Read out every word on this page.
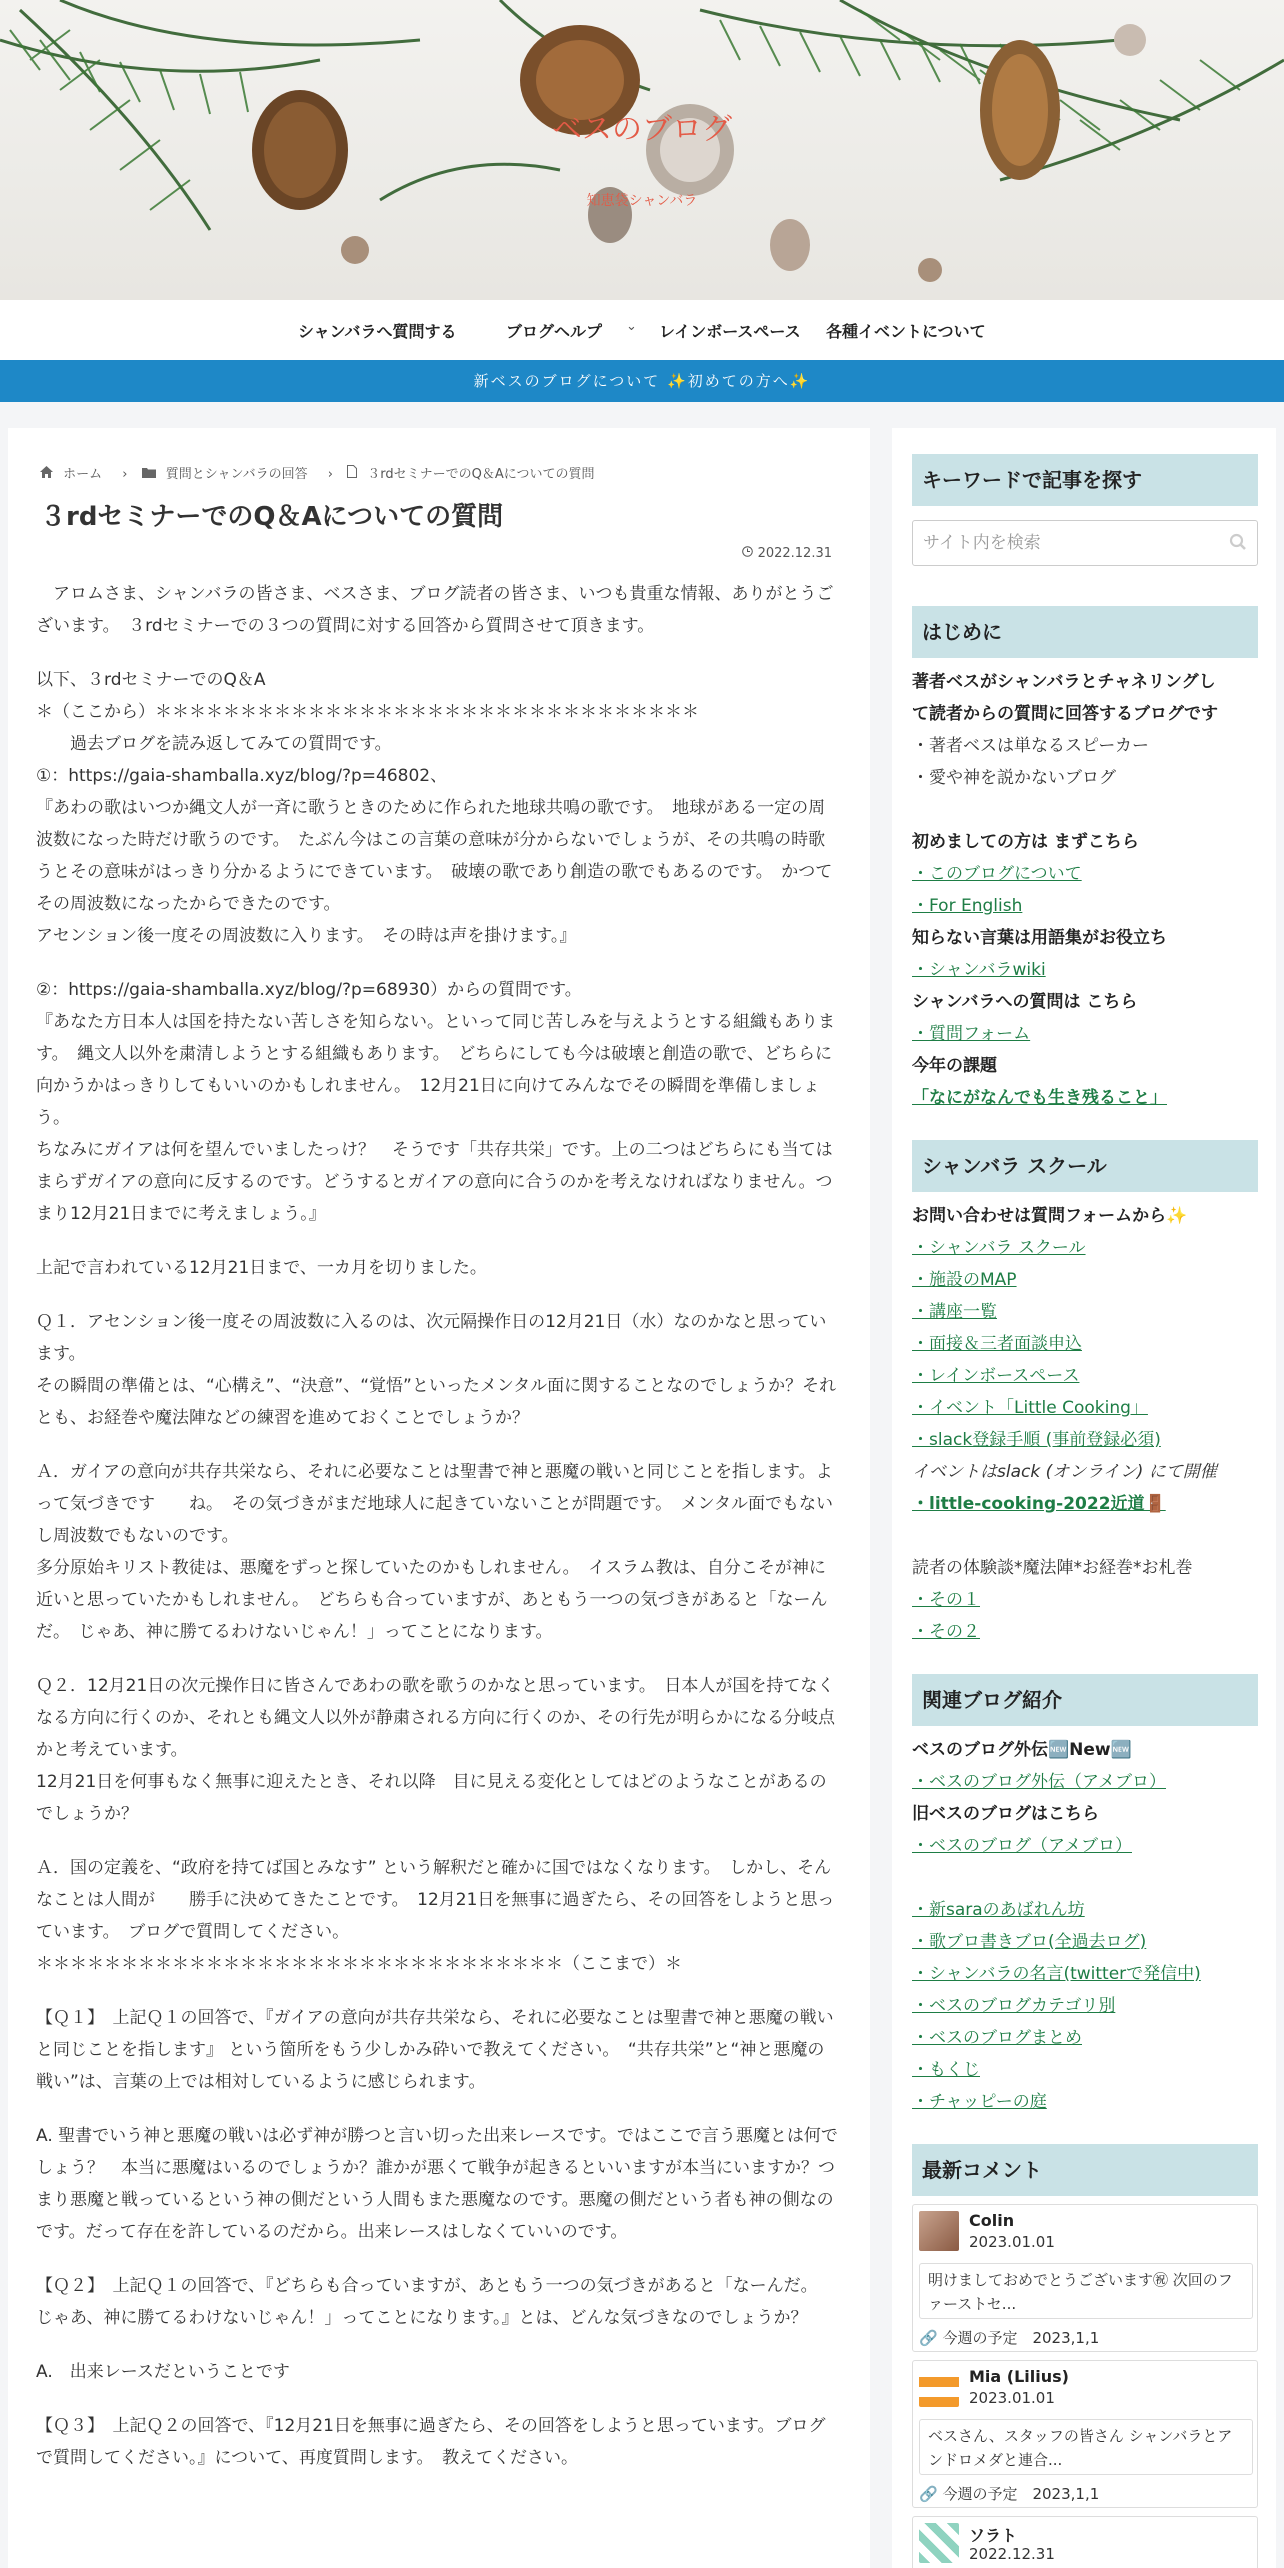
ベスのブログ
知恵袋シャンバラ
シャンバラへ質問する	ブログヘルプ ⌄ レインボースペース 各種イベントについて
新ベスのブログについて ✨初めての方へ✨
ホーム ›	質問とシャンバラの回答 ›	３rdセミナーでのQ＆Aについての質問
３rdセミナーでのQ＆Aについての質問
2022.12.31

　アロムさま、シャンバラの皆さま、ベスさま、ブログ読者の皆さま、いつも貴重な情報、ありがとうございます。　３rdセミナーでの３つの質問に対する回答から質問させて頂きます。

以下、３rdセミナーでのQ＆A
＊（ここから）＊＊＊＊＊＊＊＊＊＊＊＊＊＊＊＊＊＊＊＊＊＊＊＊＊＊＊＊＊＊＊＊
　　過去ブログを読み返してみての質問です。
①：https://gaia-shamballa.xyz/blog/?p=46802、
『あわの歌はいつか縄文人が一斉に歌うときのために作られた地球共鳴の歌です。　地球がある一定の周波数になった時だけ歌うのです。　たぶん今はこの言葉の意味が分からないでしょうが、その共鳴の時歌うとその意味がはっきり分かるようにできています。　破壊の歌であり創造の歌でもあるのです。　かつてその周波数になったからできたのです。
アセンション後一度その周波数に入ります。　その時は声を掛けます。』

②：https://gaia-shamballa.xyz/blog/?p=68930）からの質問です。
『あなた方日本人は国を持たない苦しさを知らない。といって同じ苦しみを与えようとする組織もあります。　縄文人以外を粛清しようとする組織もあります。　どちらにしても今は破壊と創造の歌で、どちらに向かうかはっきりしてもいいのかもしれません。　12月21日に向けてみんなでその瞬間を準備しましょう。
ちなみにガイアは何を望んでいましたっけ？　そうです「共存共栄」です。上の二つはどちらにも当てはまらずガイアの意向に反するのです。どうするとガイアの意向に合うのかを考えなければなりません。つまり12月21日までに考えましょう。』

上記で言われている12月21日まで、一カ月を切りました。

Ｑ１．アセンション後一度その周波数に入るのは、次元隔操作日の12月21日（水）なのかなと思っています。
その瞬間の準備とは、“心構え”、“決意”、“覚悟”といったメンタル面に関することなのでしょうか？それとも、お経巻や魔法陣などの練習を進めておくことでしょうか？

Ａ．ガイアの意向が共存共栄なら、それに必要なことは聖書で神と悪魔の戦いと同じことを指します。よって気づきです　　ね。　その気づきがまだ地球人に起きていないことが問題です。　メンタル面でもないし周波数でもないのです。
多分原始キリスト教徒は、悪魔をずっと探していたのかもしれません。　イスラム教は、自分こそが神に近いと思っていたかもしれません。　どちらも合っていますが、あともう一つの気づきがあると「なーんだ。　じゃあ、神に勝てるわけないじゃん！」ってことになります。

Ｑ２．12月21日の次元操作日に皆さんであわの歌を歌うのかなと思っています。　日本人が国を持てなくなる方向に行くのか、それとも縄文人以外が静粛される方向に行くのか、その行先が明らかになる分岐点かと考えています。
12月21日を何事もなく無事に迎えたとき、それ以降　目に見える変化としてはどのようなことがあるのでしょうか？

Ａ．国の定義を、“政府を持てば国とみなす” という解釈だと確かに国ではなくなります。　しかし、そんなことは人間が　　勝手に決めてきたことです。　12月21日を無事に過ぎたら、その回答をしようと思っています。　ブログで質問してください。
＊＊＊＊＊＊＊＊＊＊＊＊＊＊＊＊＊＊＊＊＊＊＊＊＊＊＊＊＊＊＊（ここまで）＊

【Ｑ１】　上記Ｑ１の回答で、『ガイアの意向が共存共栄なら、それに必要なことは聖書で神と悪魔の戦いと同じことを指します』 という箇所をもう少しかみ砕いで教えてください。　“共存共栄”と“神と悪魔の戦い”は、言葉の上では相対しているように感じられます。

A. 聖書でいう神と悪魔の戦いは必ず神が勝つと言い切った出来レースです。ではここで言う悪魔とは何でしょう？　本当に悪魔はいるのでしょうか？誰かが悪くて戦争が起きるといいますが本当にいますか？つまり悪魔と戦っているという神の側だという人間もまた悪魔なのです。悪魔の側だという者も神の側なのです。だって存在を許しているのだから。出来レースはしなくていいのです。

【Ｑ２】　上記Ｑ１の回答で、『どちらも合っていますが、あともう一つの気づきがあると「なーんだ。　じゃあ、神に勝てるわけないじゃん！」ってことになります。』とは、どんな気づきなのでしょうか？

A.　出来レースだということです

【Ｑ３】　上記Ｑ２の回答で、『12月21日を無事に過ぎたら、その回答をしようと思っています。ブログで質問してください。』について、再度質問します。　教えてください。

キーワードで記事を探す
サイト内を検索
はじめに
著者ベスがシャンバラとチャネリングし
て読者からの質問に回答するブログです
・著者ベスは単なるスピーカー
・愛や神を説かないブログ
初めましての方は まずこちら
・このブログについて
・For English
知らない言葉は用語集がお役立ち
・シャンバラwiki
シャンバラへの質問は こちら
・質問フォーム
今年の課題
「なにがなんでも生き残ること」
シャンバラ スクール
お問い合わせは質問フォームから✨
・シャンバラ スクール
・施設のMAP
・講座一覧
・面接＆三者面談申込
・レインボースペース
・イベント「Little Cooking」
・slack登録手順 (事前登録必須)
イベントはslack (オンライン) にて開催
・little-cooking-2022近道🚪
読者の体験談*魔法陣*お経巻*お札巻
・その１
・その２
関連ブログ紹介
ベスのブログ外伝🆕New🆕
・ベスのブログ外伝（アメブロ）
旧ベスのブログはこちら
・ベスのブログ（アメブロ）
・新saraのあばれん坊
・歌ブロ書きブロ(全過去ログ)
・シャンバラの名言(twitterで発信中)
・ベスのブログカテゴリ別
・ベスのブログまとめ
・もくじ
・チャッピーの庭
最新コメント
Colin
2023.01.01
明けましておめでとうございます㊗ 次回のファーストセ...
🔗 今週の予定　2023,1,1
Mia (Lilius)
2023.01.01
ベスさん、スタッフの皆さん シャンバラとアンドロメダと連合...
🔗 今週の予定　2023,1,1
ソラト
2022.12.31
